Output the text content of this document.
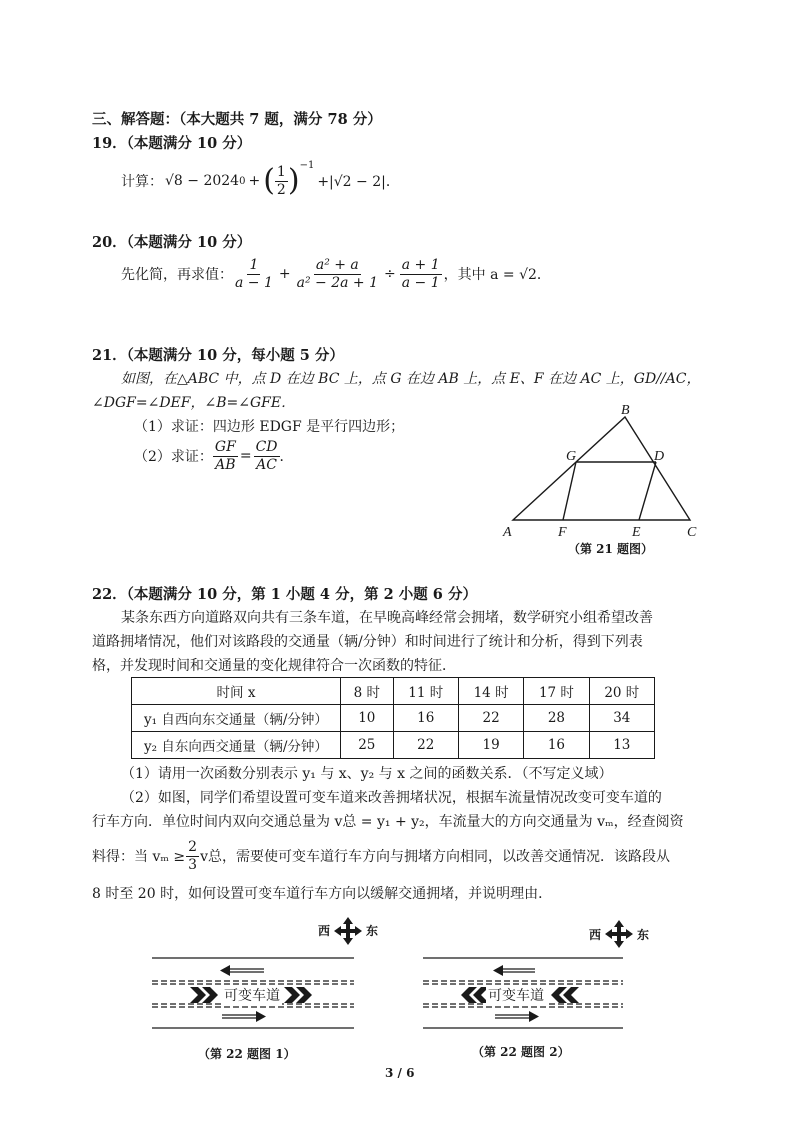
三、解答题：（本大题共 7 题，满分 78 分）
19．（本题满分 10 分）
计算： √8 − 2024 0 + ( $\frac{1}{2}$ ) −1
+|√2 − 2|．
20．（本题满分 10 分）
先化简，再求值： $\frac{1}{a - 1} + \frac{\text{a² + a}}{\text{a² − 2a + 1}} \div \frac{a + 1}{a - 1}$ ，其中 a = √2．
21．（本题满分 10 分，每小题 5 分）
如图，在△ABC 中，点 D 在边 BC 上，点 G 在边 AB 上，点 E、F 在边 AC 上，GD//AC，
∠DGF=∠DEF，∠B=∠GFE．
（1）求证：四边形 EDGF 是平行四边形；
（2）求证： $\frac{GF}{AB} = \frac{CD}{AC}$ ．
A
B
C
D
E
F
G
（第 21 题图）
22．（本题满分 10 分，第 1 小题 4 分，第 2 小题 6 分）
某条东西方向道路双向共有三条车道，在早晚高峰经常会拥堵，数学研究小组希望改善
道路拥堵情况，他们对该路段的交通量（辆/分钟）和时间进行了统计和分析，得到下列表
格，并发现时间和交通量的变化规律符合一次函数的特征．
时间 x	8 时	11 时	14 时	17 时	20 时
y₁ 自西向东交通量（辆/分钟）	10	16	22	28	34
y₂ 自东向西交通量（辆/分钟）	25	22	19	16	13
（1）请用一次函数分别表示 y₁ 与 x、y₂ 与 x 之间的函数关系．（不写定义域）
（2）如图，同学们希望设置可变车道来改善拥堵状况，根据车流量情况改变可变车道的
行车方向．单位时间内双向交通总量为 v总 = y₁ + y₂，车流量大的方向交通量为 vₘ，经查阅资
料得：当 $v_m \ge \frac{2}{3}$ v总，需要使可变车道行车方向与拥堵方向相同，以改善交通情况．该路段从
8 时至 20 时，如何设置可变车道行车方向以缓解交通拥堵，并说明理由．
西	东
可变车道
（第 22 题图 1）
西	东
可变车道
（第 22 题图 2）
3 / 6
